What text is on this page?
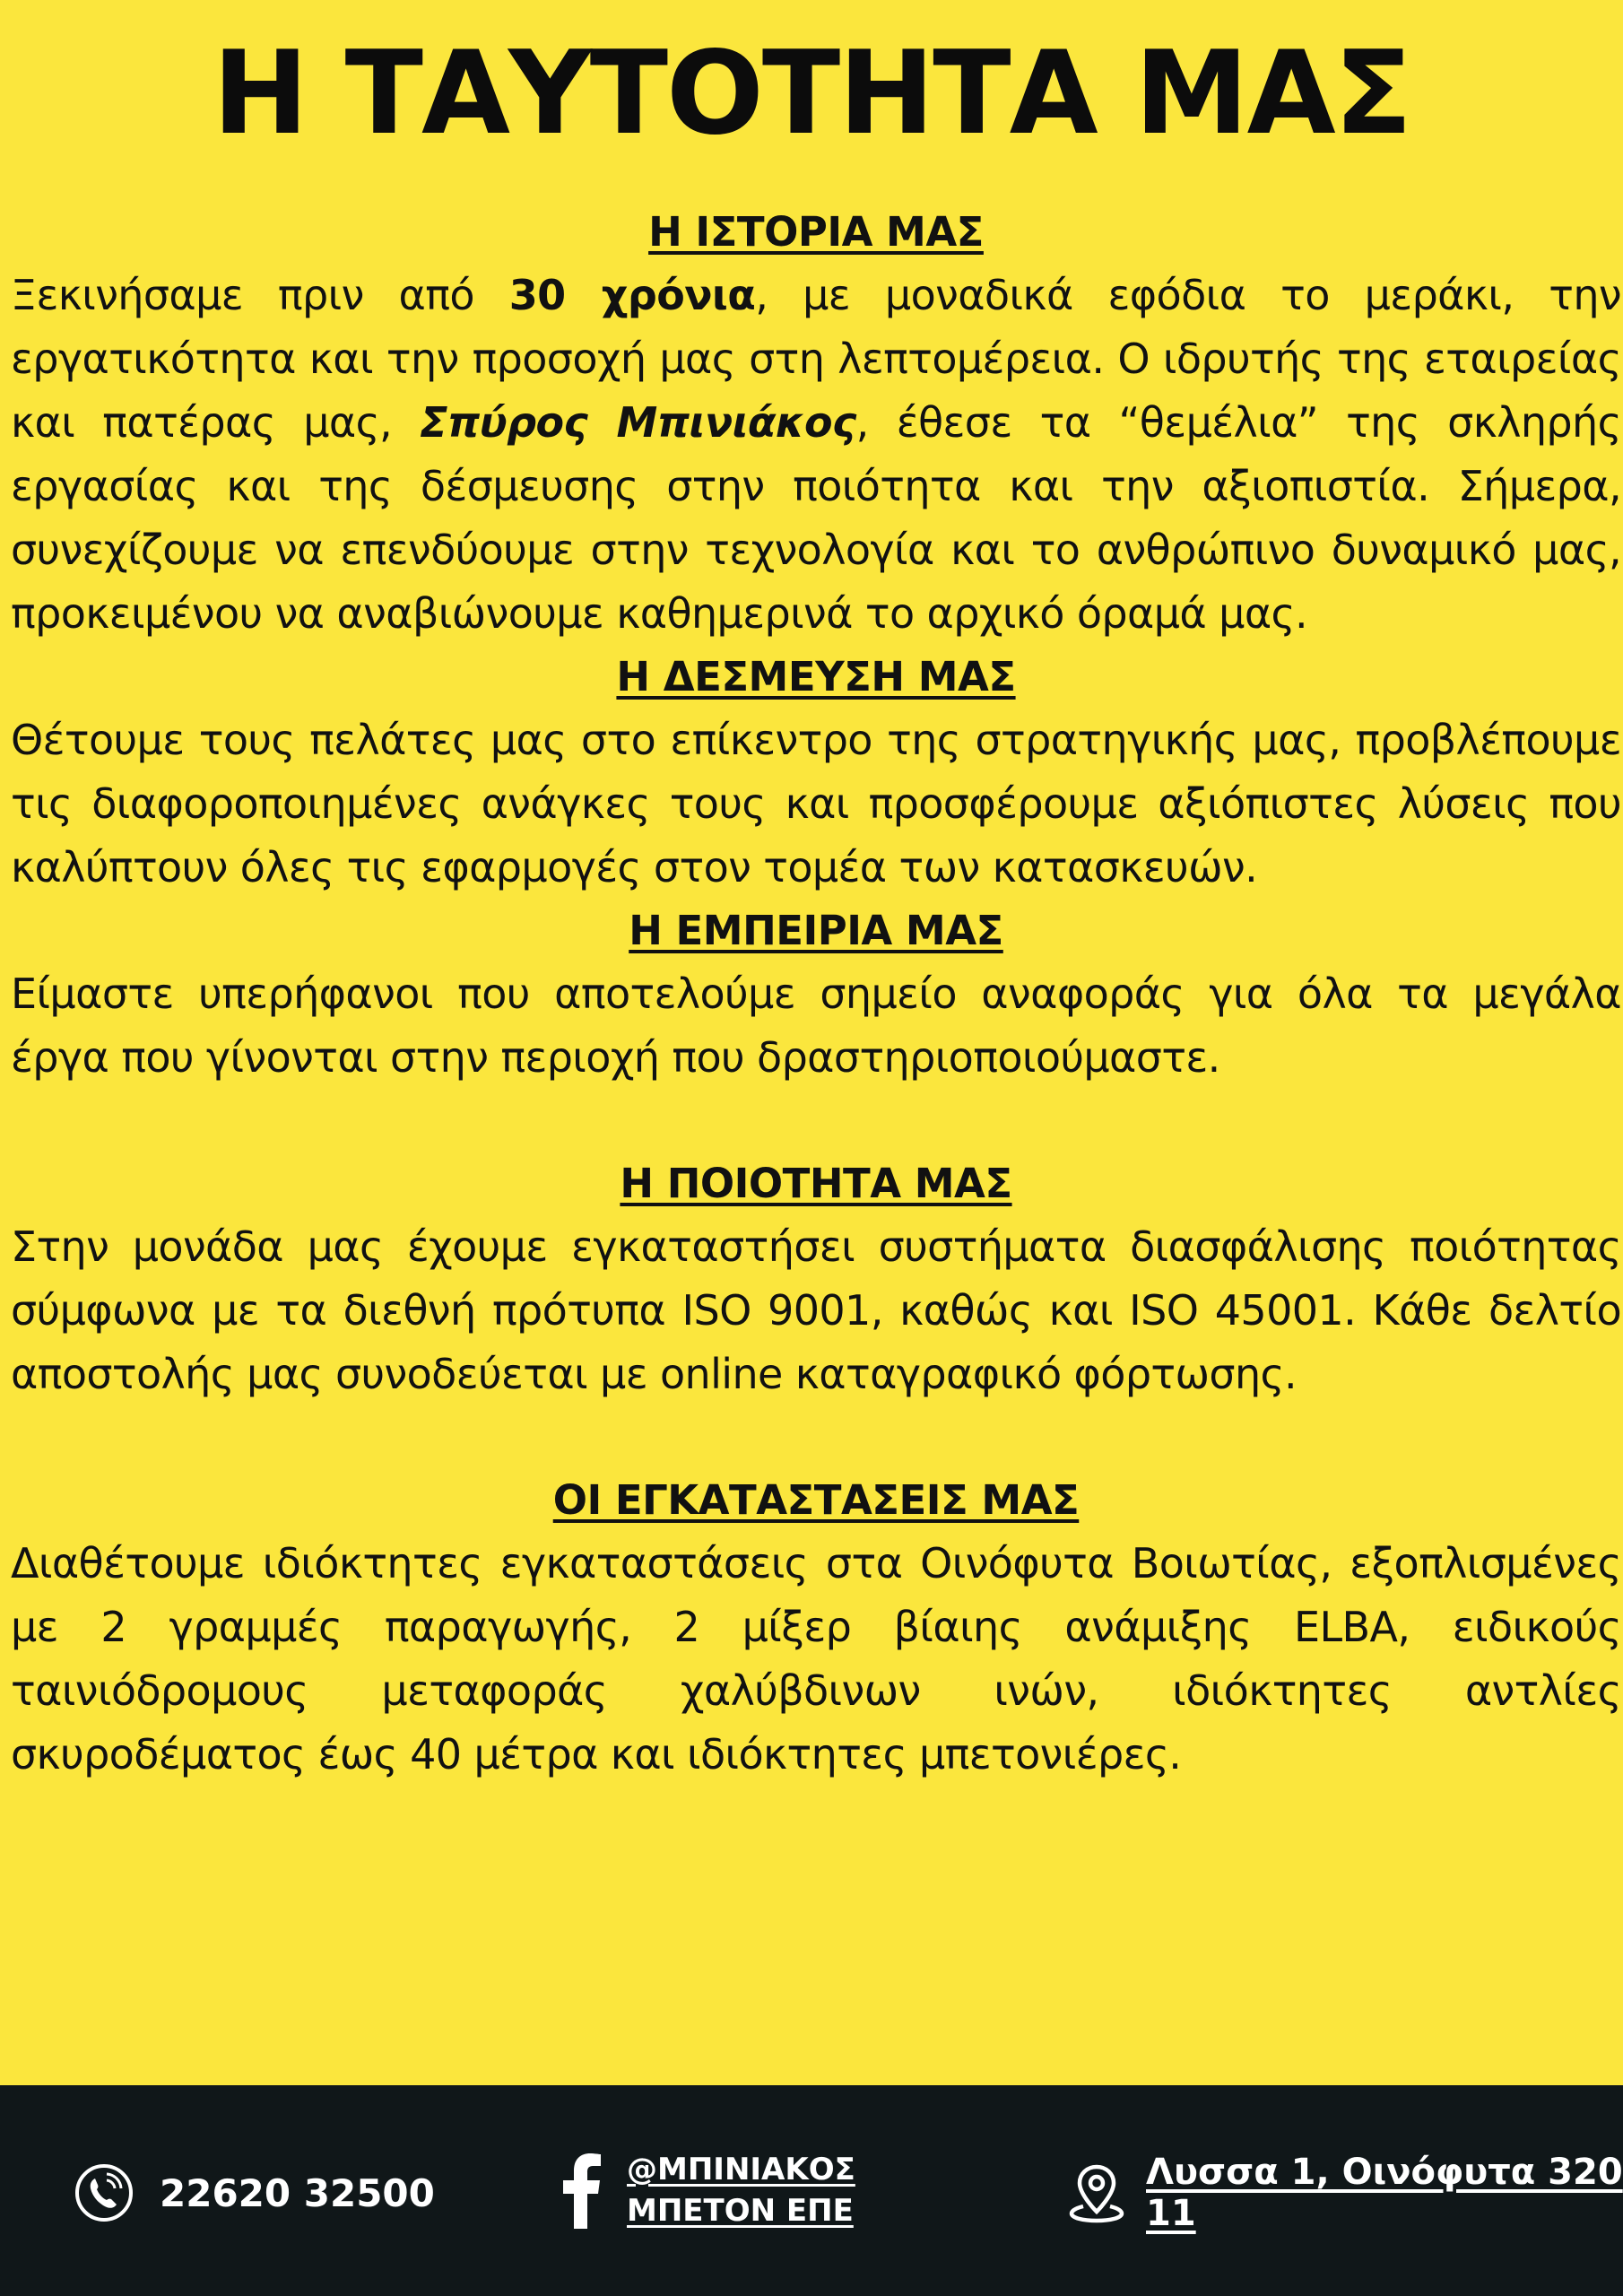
Η ΤΑΥΤΟΤΗΤΑ ΜΑΣ
Η ΙΣΤΟΡΙΑ ΜΑΣ

Ξεκινήσαμε πριν από 30 χρόνια, με μοναδικά εφόδια το μεράκι, την εργατικότητα και την προσοχή μας στη λεπτομέρεια. Ο ιδρυτής της εταιρείας και πατέρας μας, Σπύρος Μπινιάκος, έθεσε τα “θεμέλια” της σκληρής εργασίας και της δέσμευσης στην ποιότητα και την αξιοπιστία. Σήμερα, συνεχίζουμε να επενδύουμε στην τεχνολογία και το ανθρώπινο δυναμικό μας, προκειμένου να αναβιώνουμε καθημερινά το αρχικό όραμά μας.

Η ΔΕΣΜΕΥΣΗ ΜΑΣ

Θέτουμε τους πελάτες μας στο επίκεντρο της στρατηγικής μας, προβλέπουμε τις διαφοροποιημένες ανάγκες τους και προσφέρουμε αξιόπιστες λύσεις που καλύπτουν όλες τις εφαρμογές στον τομέα των κατασκευών.

Η ΕΜΠΕΙΡΙΑ ΜΑΣ

Είμαστε υπερήφανοι που αποτελούμε σημείο αναφοράς για όλα τα μεγάλα έργα που γίνονται στην περιοχή που δραστηριοποιούμαστε.

Η ΠΟΙΟΤΗΤΑ ΜΑΣ

Στην μονάδα μας έχουμε εγκαταστήσει συστήματα διασφάλισης ποιότητας σύμφωνα με τα διεθνή πρότυπα ISO 9001, καθώς και ISO 45001. Κάθε δελτίο αποστολής μας συνοδεύεται με online καταγραφικό φόρτωσης.

ΟΙ ΕΓΚΑΤΑΣΤΑΣΕΙΣ ΜΑΣ

Διαθέτουμε ιδιόκτητες εγκαταστάσεις στα Οινόφυτα Βοιωτίας, εξοπλισμένες με 2 γραμμές παραγωγής, 2 μίξερ βίαιης ανάμιξης ELBA, ειδικούς ταινιόδρομους μεταφοράς χαλύβδινων ινών, ιδιόκτητες αντλίες σκυροδέματος έως 40 μέτρα και ιδιόκτητες μπετονιέρες.

22620 32500
@ΜΠΙΝΙΑΚΟΣ
ΜΠΕΤΟΝ ΕΠΕ
Λυσσα 1, Οινόφυτα 320 11
